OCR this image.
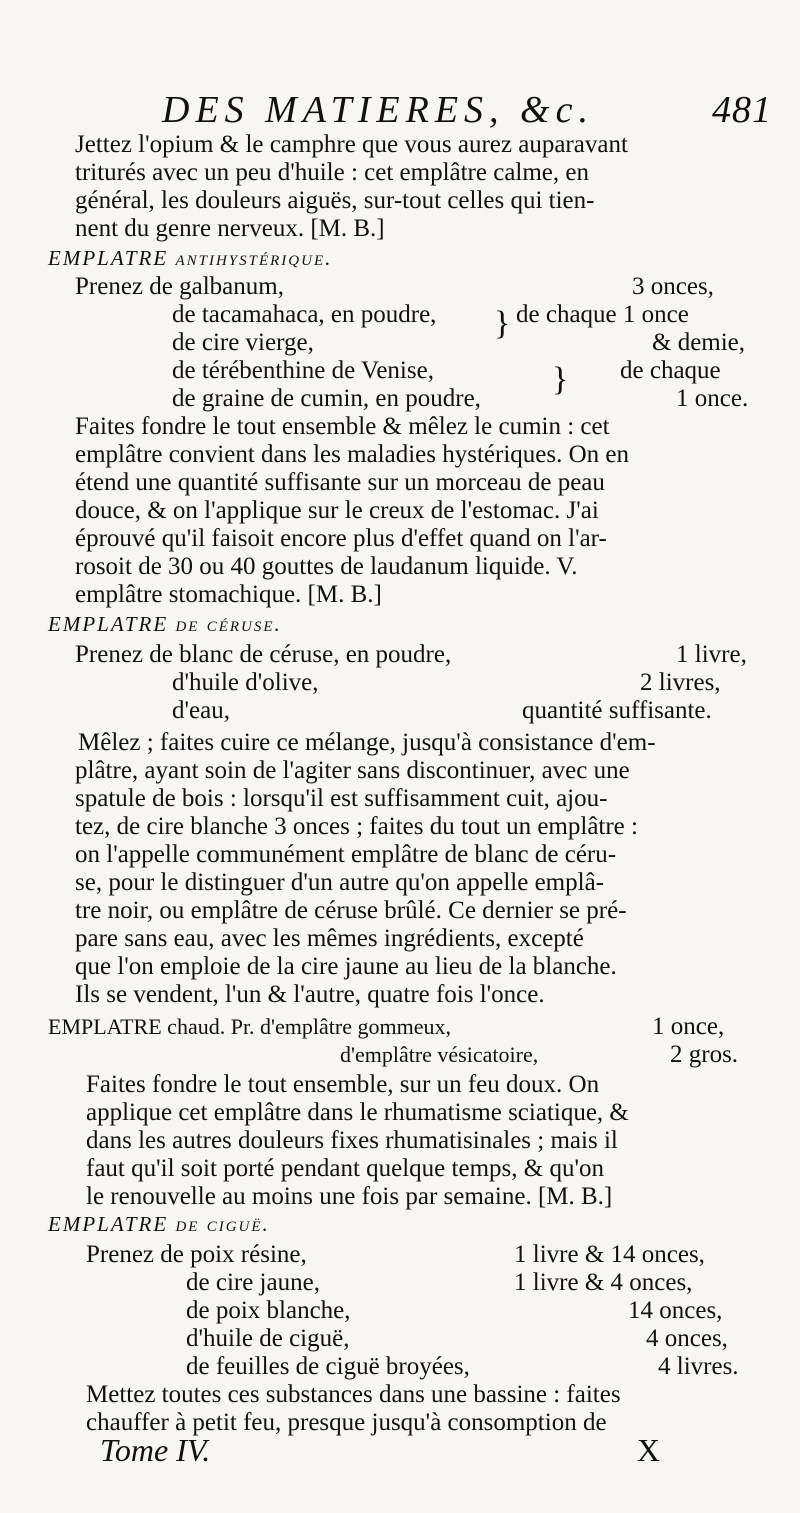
DES MATIERES, &c.	481
Jettez l'opium & le camphre que vous aurez auparavant
triturés avec un peu d'huile : cet emplâtre calme, en
général, les douleurs aiguës, sur-tout celles qui tien-
nent du genre nerveux. [M. B.]
EMPLATRE antihystérique.
Prenez de galbanum,	3 onces,
de tacamahaca, en poudre, } de chaque 1 once
de cire vierge,	& demie,
de térébenthine de Venise,	} de chaque
de graine de cumin, en poudre,	1 once.
Faites fondre le tout ensemble & mêlez le cumin : cet
emplâtre convient dans les maladies hystériques. On en
étend une quantité suffisante sur un morceau de peau
douce, & on l'applique sur le creux de l'estomac. J'ai
éprouvé qu'il faisoit encore plus d'effet quand on l'ar-
rosoit de 30 ou 40 gouttes de laudanum liquide. V.
emplâtre stomachique. [M. B.]
EMPLATRE de céruse.
Prenez de blanc de céruse, en poudre,	1 livre,
d'huile d'olive,	2 livres,
d'eau,	quantité suffisante.
Mêlez ; faites cuire ce mélange, jusqu'à consistance d'em-
plâtre, ayant soin de l'agiter sans discontinuer, avec une
spatule de bois : lorsqu'il est suffisamment cuit, ajou-
tez, de cire blanche 3 onces ; faites du tout un emplâtre :
on l'appelle communément emplâtre de blanc de céru-
se, pour le distinguer d'un autre qu'on appelle emplâ-
tre noir, ou emplâtre de céruse brûlé. Ce dernier se pré-
pare sans eau, avec les mêmes ingrédients, excepté
que l'on emploie de la cire jaune au lieu de la blanche.
Ils se vendent, l'un & l'autre, quatre fois l'once.
EMPLATRE chaud. Pr. d'emplâtre gommeux,	1 once,
d'emplâtre vésicatoire,	2 gros.
Faites fondre le tout ensemble, sur un feu doux. On
applique cet emplâtre dans le rhumatisme sciatique, &
dans les autres douleurs fixes rhumatisinales ; mais il
faut qu'il soit porté pendant quelque temps, & qu'on
le renouvelle au moins une fois par semaine. [M. B.]
EMPLATRE de ciguë.
Prenez de poix résine,	1 livre & 14 onces,
de cire jaune,	1 livre & 4 onces,
de poix blanche,	14 onces,
d'huile de ciguë,	4 onces,
de feuilles de ciguë broyées,	4 livres.
Mettez toutes ces substances dans une bassine : faites
chauffer à petit feu, presque jusqu'à consomption de
Tome IV.	X
